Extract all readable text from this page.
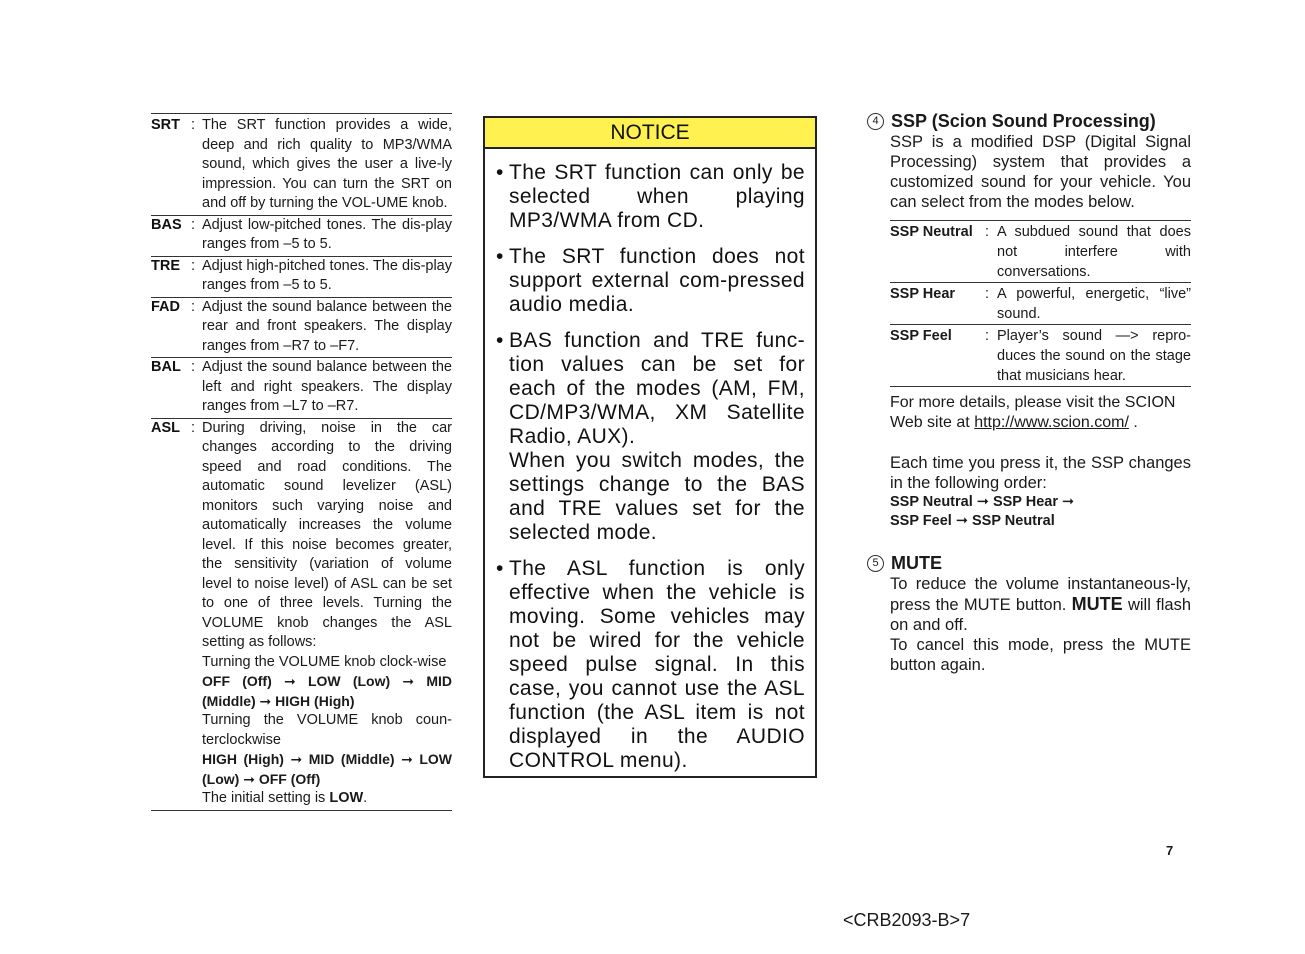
SRT : The SRT function provides a wide, deep and rich quality to MP3/WMA sound, which gives the user a live-ly impression. You can turn the SRT on and off by turning the VOL-UME knob.

BAS : Adjust low-pitched tones. The dis-play ranges from –5 to 5.

TRE : Adjust high-pitched tones. The dis-play ranges from –5 to 5.

FAD : Adjust the sound balance between the rear and front speakers. The display ranges from –R7 to –F7.

BAL : Adjust the sound balance between the left and right speakers. The display ranges from –L7 to –R7.

ASL : During driving, noise in the car changes according to the driving speed and road conditions. The automatic sound levelizer (ASL) monitors such varying noise and automatically increases the volume level. If this noise becomes greater, the sensitivity (variation of volume level to noise level) of ASL can be set to one of three levels. Turning the VOLUME knob changes the ASL setting as follows:

Turning the VOLUME knob clock-wise

OFF (Off) ➞ LOW (Low) ➞ MID (Middle) ➞ HIGH (High)

Turning the VOLUME knob coun-terclockwise

HIGH (High) ➞ MID (Middle) ➞ LOW (Low) ➞ OFF (Off)

The initial setting is LOW.

NOTICE
• The SRT function can only be selected when playing MP3/WMA from CD.

• The SRT function does not support external com-pressed audio media.

• BAS function and TRE func-tion values can be set for each of the modes (AM, FM, CD/MP3/WMA, XM Satellite Radio, AUX).

When you switch modes, the settings change to the BAS and TRE values set for the selected mode.

• The ASL function is only effective when the vehicle is moving. Some vehicles may not be wired for the vehicle speed pulse signal. In this case, you cannot use the ASL function (the ASL item is not displayed in the AUDIO CONTROL menu).

4 SSP (Scion Sound Processing)

SSP is a modified DSP (Digital Signal Processing) system that provides a customized sound for your vehicle. You can select from the modes below.

SSP Neutral : A subdued sound that does not interfere with conversations.
SSP Hear	: A powerful, energetic, “live” sound.
SSP Feel	: Player’s sound —> repro-duces the sound on the stage that musicians hear.

For more details, please visit the SCION Web site at http://www.scion.com/ .

Each time you press it, the SSP changes in the following order:

SSP Neutral ➞ SSP Hear ➞

SSP Feel ➞ SSP Neutral

5 MUTE

To reduce the volume instantaneous-ly, press the MUTE button. MUTE will flash on and off.

To cancel this mode, press the MUTE button again.

7
<CRB2093-B>7
